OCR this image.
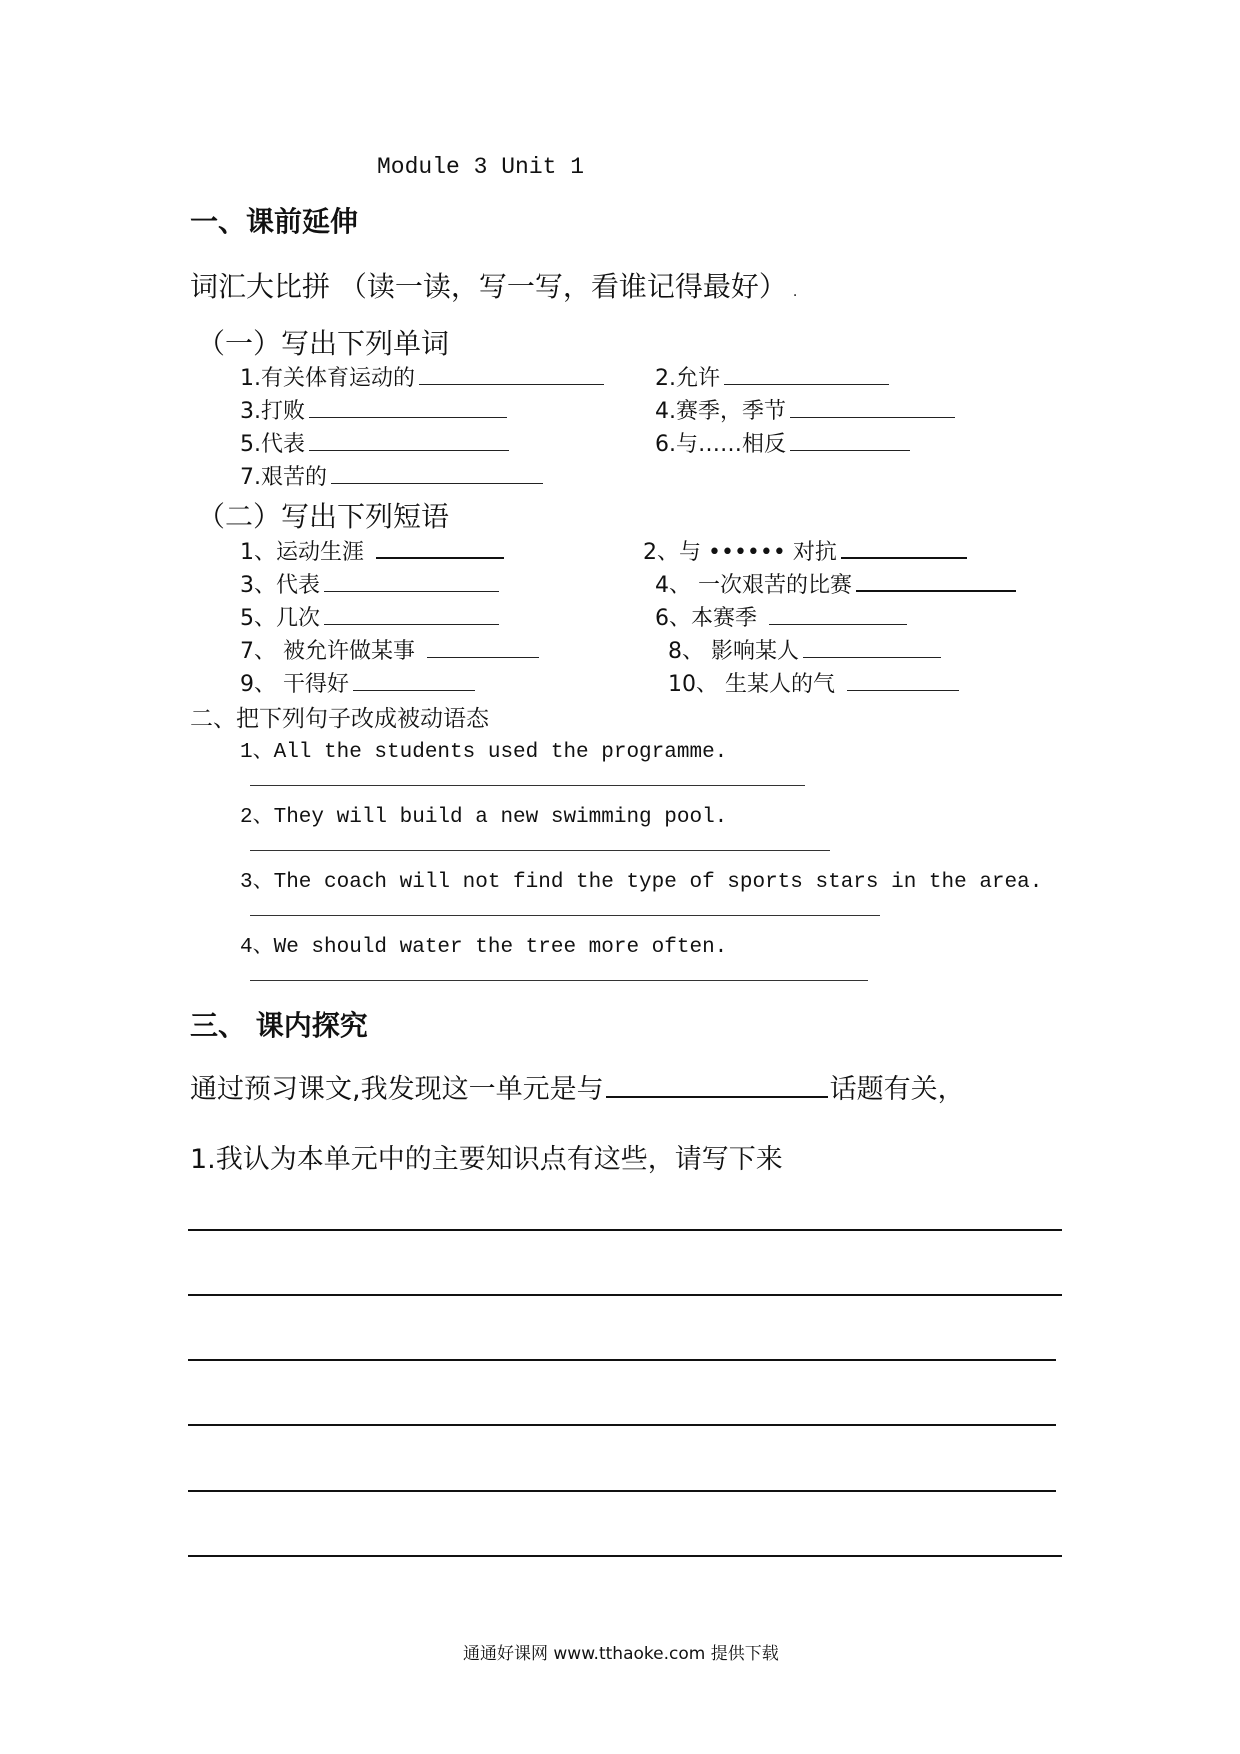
Module 3 Unit 1
一、课前延伸
词汇大比拼 （读一读，写一写，看谁记得最好） .
（一）写出下列单词
1.有关体育运动的	2.允许
3.打败	4.赛季，季节
5.代表	6.与……相反
7.艰苦的
（二）写出下列短语
1、运动生涯	2、与 •••••• 对抗
3、代表	4、 一次艰苦的比赛
5、几次	6、本赛季
7、 被允许做某事	8、 影响某人
9、 干得好	10、 生某人的气
二、把下列句子改成被动语态
1、All the students used the programme.
2、They will build a new swimming pool.
3、The coach will not find the type of sports stars in the area.
4、We should water the tree more often.
三、 课内探究
通过预习课文,我发现这一单元是与	话题有关，
1.我认为本单元中的主要知识点有这些，请写下来
通通好课网 www.tthaoke.com 提供下载
